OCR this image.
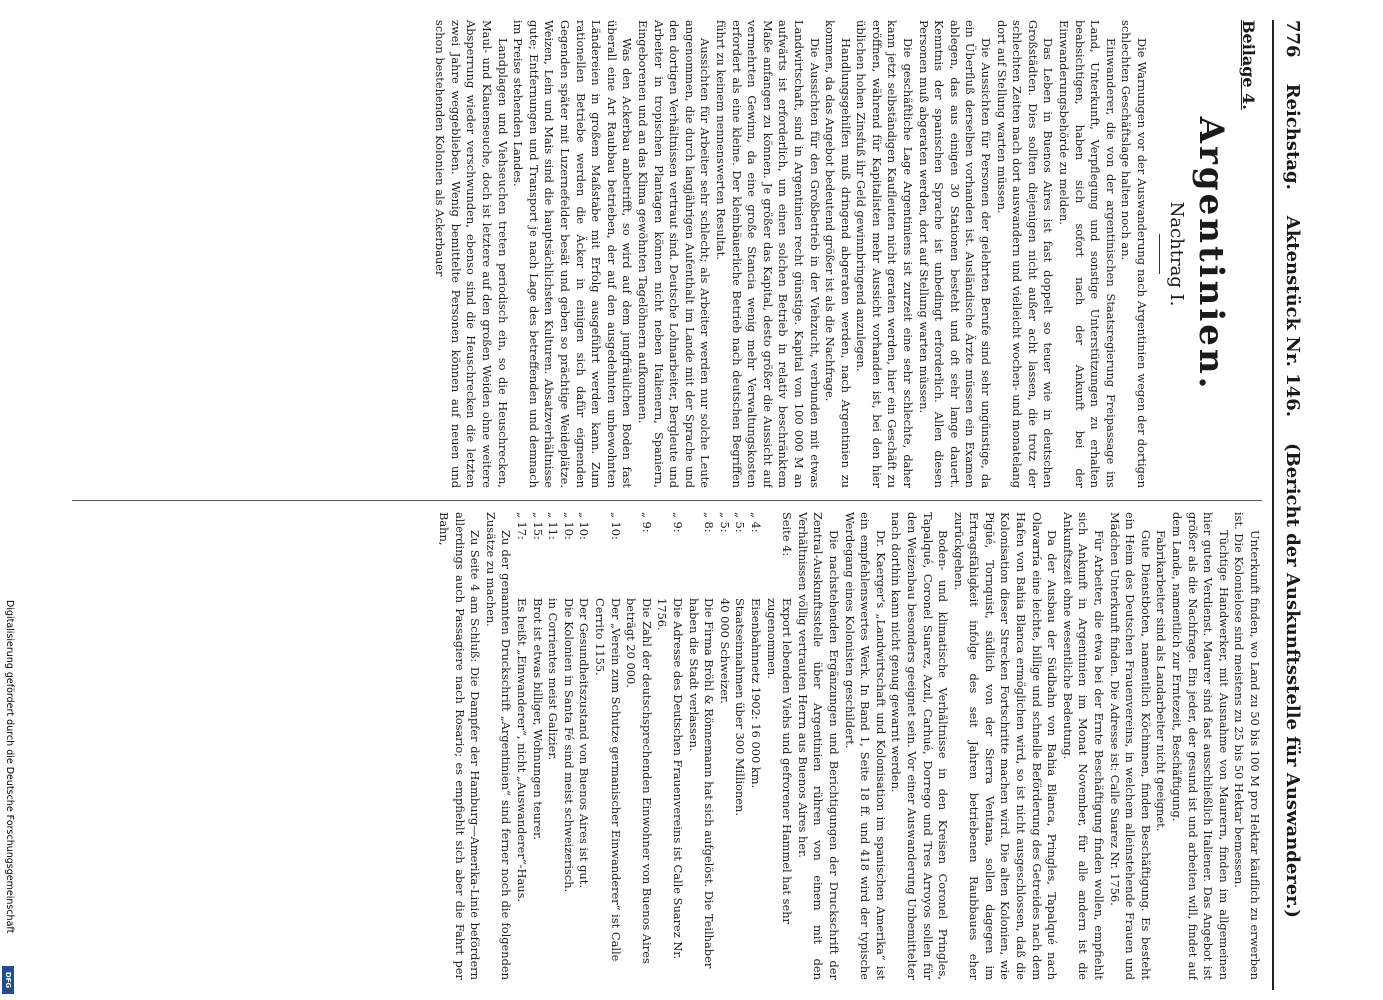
776
Reichstag.
Aktenstück Nr. 146.
(Bericht der Auskunftsstelle für Auswanderer.)
Beilage 4.
Argentinien.
Nachtrag I.

Die Warnungen vor der Auswanderung nach Argentinien wegen der dortigen schlechten Geschäftslage halten noch an.

Einwanderer, die von der argentinischen Staatsregierung Freipassage ins Land, Unterkunft, Verpflegung und sonstige Unterstützungen zu erhalten beabsichtigen, haben sich sofort nach der Ankunft bei der Einwanderungsbehörde zu melden.

Das Leben in Buenos Aires ist fast doppelt so teuer wie in deutschen Großstädten. Dies sollten diejenigen nicht außer acht lassen, die trotz der schlechten Zeiten nach dort auswandern und vielleicht wochen- und monatelang dort auf Stellung warten müssen.

Die Aussichten für Personen der gelehrten Berufe sind sehr ungünstige, da ein Überfluß derselben vorhanden ist. Ausländische Ärzte müssen ein Examen ablegen, das aus einigen 30 Stationen besteht und oft sehr lange dauert. Kenntnis der spanischen Sprache ist unbedingt erforderlich. Allen diesen Personen muß abgeraten werden, dort auf Stellung warten müssen.

Die geschäftliche Lage Argentiniens ist zurzeit eine sehr schlechte, daher kann jetzt selbständigen Kaufleuten nicht geraten werden, hier ein Geschäft zu eröffnen, während für Kapitalisten mehr Aussicht vorhanden ist, bei den hier üblichen hohen Zinsfuß ihr Geld gewinnbringend anzulegen.

Handlungsgehilfen muß dringend abgeraten werden, nach Argentinien zu kommen, da das Angebot bedeutend größer ist als die Nachfrage.

Die Aussichten für den Großbetrieb in der Viehzucht, verbunden mit etwas Landwirtschaft, sind in Argentinien recht günstige. Kapital von 100 000 M an aufwärts ist erforderlich, um einen solchen Betrieb in relativ beschränktem Maße anfangen zu können. Je größer das Kapital, desto größer die Aussicht auf vermehrten Gewinn, da eine große Stancia wenig mehr Verwaltungskosten erfordert als eine kleine. Der kleinbäuerliche Betrieb nach deutschen Begriffen führt zu keinem nennenswerten Resultat.

Aussichten für Arbeiter sehr schlecht; als Arbeiter werden nur solche Leute angenommen, die durch langjährigen Aufenthalt im Lande mit der Sprache und den dortigen Verhältnissen vertraut sind. Deutsche Lohnarbeiter, Bergleute und Arbeiter in tropischen Plantagen können nicht neben Italienern, Spaniern, Eingeborenen und an das Klima gewöhnten Tagelöhnern aufkommen.

Was den Ackerbau anbetrifft, so wird auf dem jungfräulichen Boden fast überall eine Art Raubbau betrieben, der auf den ausgedehnten unbewohnten Ländereien in großem Maßstabe mit Erfolg ausgeführt werden kann. Zum rationellen Betriebe werden die Äcker in einigen sich dafür eignenden Gegenden später mit Luzernefelder besät und geben so prächtige Weideplätze. Weizen, Lein und Mais sind die hauptsächlichsten Kulturen. Absatzverhältnisse gute; Entfernungen und Transport je nach Lage des betreffenden und demnach im Preise stehenden Landes.

Landplagen und Viehseuchen treten periodisch ein, so die Heuschrecken, Maul- und Klauenseuche, doch ist letztere auf den großen Weiden ohne weitere Absperrung wieder verschwunden, ebenso sind die Heuschrecken die letzten zwei Jahre weggeblieben. Wenig bemittelte Personen können auf neuen und schon bestehenden Kolonien als Ackerbauer

Unterkunft finden, wo Land zu 50 bis 100 M pro Hektar käuflich zu erwerben ist. Die Kolonielose sind meistens zu 25 bis 50 Hektar bemessen.

Tüchtige Handwerker, mit Ausnahme von Maurern, finden im allgemeinen hier guten Verdienst. Maurer sind fast ausschließlich Italiener. Das Angebot ist größer als die Nachfrage. Ein jeder, der gesund ist und arbeiten will, findet auf dem Lande, namentlich zur Erntezeit, Beschäftigung.

Fabrikarbeiter sind als Landarbeiter nicht geeignet.

Gute Dienstboten, namentlich Köchinnen, finden Beschäftigung. Es besteht ein Heim des Deutschen Frauenvereins, in welchem alleinstehende Frauen und Mädchen Unterkunft finden. Die Adresse ist: Calle Suarez Nr. 1756.

Für Arbeiter, die etwa bei der Ernte Beschäftigung finden wollen, empfiehlt sich Ankunft in Argentinien im Monat November, für alle andern ist die Ankunftszeit ohne wesentliche Bedeutung.

Da der Ausbau der Südbahn von Bahia Blanca, Pringles, Tapalqué nach Olavarría eine leichte, billige und schnelle Beförderung des Getreides nach dem Hafen von Bahia Blanca ermöglichen wird, so ist nicht ausgeschlossen, daß die Kolonisation dieser Strecken Fortschritte machen wird. Die alten Kolonien, wie Pigüé, Tornquist, südlich von der Sierra Ventana, sollen dagegen im Ertragsfähigkeit infolge des seit Jahren betriebenen Raubbaues eher zurückgehen.

Boden- und klimatische Verhältnisse in den Kreisen Coronel Pringles, Tapalqué, Coronel Suarez, Azul, Carhué, Dorrego und Tres Arroyos sollen für den Weizenbau besonders geeignet sein. Vor einer Auswanderung Unbemittelter nach dorthin kann nicht genug gewarnt werden.

Dr. Kaerger's „Landwirtschaft und Kolonisation im spanischen Amerika“ ist ein empfehlenswertes Werk. In Band 1, Seite 18 ff. und 418 wird der typische Werdegang eines Kolonisten geschildert.

Die nachstehenden Ergänzungen und Berichtigungen der Druckschrift der Zentral-Auskunftsstelle über Argentinien rühren von einem mit den Verhältnissen völlig vertrauten Herrn aus Buenos Aires her.

Seite 4:
Export lebenden Viehs und gefrorener Hammel hat sehr zugenommen.
„ 4:
Eisenbahnnetz 1902: 16 000 km.
„ 5:
Staatseinnahmen über 300 Millionen.
„ 5:
40 000 Schweizer.
„ 8:
Die Firma Bröhl & Rönnemann hat sich aufgelöst. Die Teilhaber haben die Stadt verlassen.
„ 9:
Die Adresse des Deutschen Frauenvereins ist Calle Suarez Nr. 1756.
„ 9:
Die Zahl der deutschsprechenden Einwohner von Buenos Aires beträgt 20 000.
„ 10:
Der „Verein zum Schutze germanischer Einwanderer“ ist Calle Cerrito 1155.
„ 10:
Der Gesundheitszustand von Buenos Aires ist gut.
„ 10:
Die Kolonien in Santa Fé sind meist schweizerisch.
„ 11:
in Corrientes meist Galizier.
„ 15:
Brot ist etwas billiger, Wohnungen teurer.
„ 17:
Es heißt „Einwanderer“, nicht „Auswanderer“-Haus.

Zu der genannten Druckschrift „Argentinien“ sind ferner noch die folgenden Zusätze zu machen.

Zu Seite 4 am Schluß: Die Dampfer der Hamburg—Amerika-Linie befördern allerdings auch Passagiere nach Rosario; es empfiehlt sich aber die Fahrt per Bahn,

Digitalisierung gefördert durch die Deutsche Forschungsgemeinschaft
DFG
